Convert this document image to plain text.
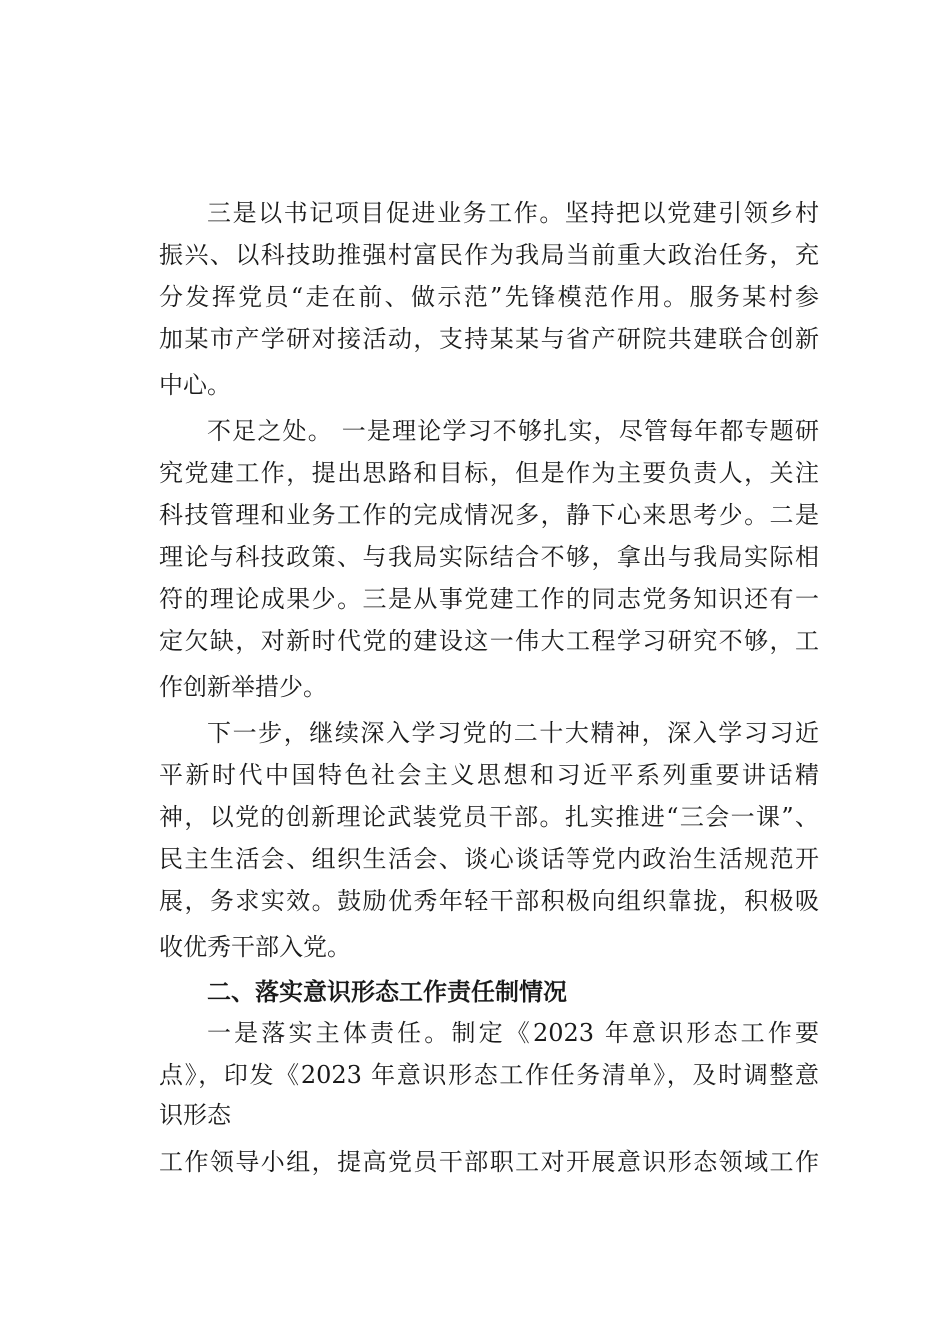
三是以书记项目促进业务工作。坚持把以党建引领乡村
振兴、以科技助推强村富民作为我局当前重大政治任务，充
分发挥党员“走在前、做示范”先锋模范作用。服务某村参
加某市产学研对接活动，支持某某与省产研院共建联合创新
中心。
不足之处。 一是理论学习不够扎实，尽管每年都专题研
究党建工作，提出思路和目标，但是作为主要负责人，关注
科技管理和业务工作的完成情况多，静下心来思考少。二是
理论与科技政策、与我局实际结合不够，拿出与我局实际相
符的理论成果少。三是从事党建工作的同志党务知识还有一
定欠缺，对新时代党的建设这一伟大工程学习研究不够，工
作创新举措少。
下一步，继续深入学习党的二十大精神，深入学习习近
平新时代中国特色社会主义思想和习近平系列重要讲话精
神，以党的创新理论武装党员干部。扎实推进“三会一课”、
民主生活会、组织生活会、谈心谈话等党内政治生活规范开
展，务求实效。鼓励优秀年轻干部积极向组织靠拢，积极吸
收优秀干部入党。
二、落实意识形态工作责任制情况
一是落实主体责任。制定《2023 年意识形态工作要
点》，印发《2023 年意识形态工作任务清单》，及时调整意
识形态
工作领导小组，提高党员干部职工对开展意识形态领域工作
